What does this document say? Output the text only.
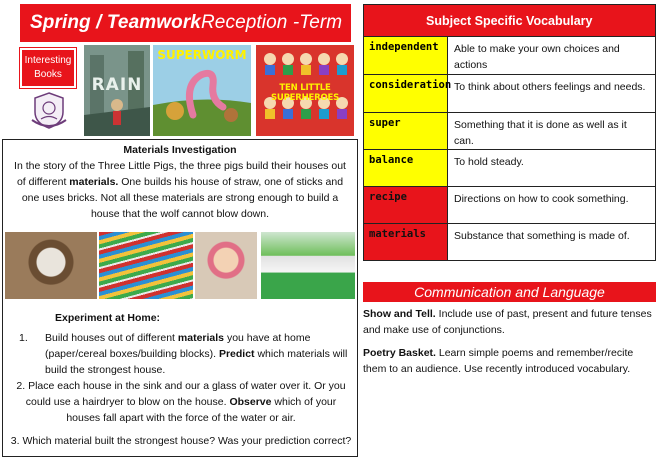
Spring / Teamwork Reception -Term
Interesting Books
RAIN
SUPERWORM
TEN LITTLE SUPERHEROES
Subject Specific Vocabulary
independent	Able to make your own choices and actions
consideration To think about others feelings and needs.
super	Something that it is done as well as it can.
balance	To hold steady.
recipe	Directions on how to cook something.
materials	Substance that something is made of.
Materials Investigation
In the story of the Three Little Pigs, the three pigs build their houses out of different materials. One builds his house of straw, one of sticks and one uses bricks. Not all these materials are strong enough to build a house that the wolf cannot blow down.
Experiment at Home:
1. Build houses out of different materials you have at home (paper/cereal boxes/building blocks). Predict which materials will build the strongest house.
2. Place each house in the sink and our a glass of water over it. Or you could use a hairdryer to blow on the house. Observe which of your houses fall apart with the force of the water or air.
3. Which material built the strongest house? Was your prediction correct?
Communication and Language

Show and Tell. Include use of past, present and future tenses and make use of conjunctions.

Poetry Basket. Learn simple poems and remember/recite them to an audience. Use recently introduced vocabulary.
